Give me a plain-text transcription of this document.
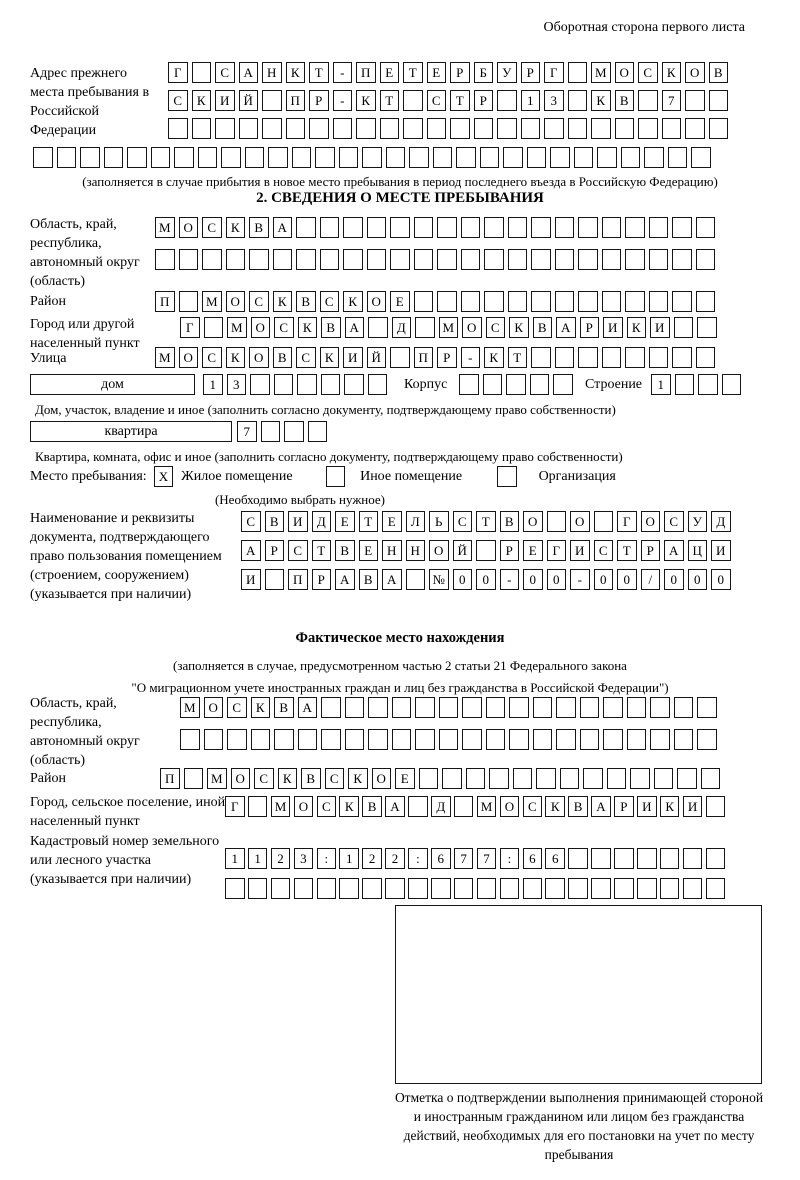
Оборотная сторона первого листа
Адрес прежнего места пребывания в Российской Федерации
Г	С	А	Н	К	Т	-	П	Е	Т	Е	Р	Б	У	Р	Г	М	О	С	К	О	В
С	К	И	Й	П	Р	-	К	Т	С	Т	Р	1	3	К	В	7
(заполняется в случае прибытия в новое место пребывания в период последнего въезда в Российскую Федерацию)
2. СВЕДЕНИЯ О МЕСТЕ ПРЕБЫВАНИЯ
Область, край, республика, автономный округ (область)
М	О	С	К	В	А
Район	П	М	О	С	К	В	С	К	О	Е
Город или другой населенный пункт
Г	М	О	С	К	В	А	Д	М	О	С	К	В	А	Р	И	К	И
Улица	М	О	С	К	О	В	С	К	И	Й	П	Р	-	К	Т
дом	1	3	Корпус	Строение	1
Дом, участок, владение и иное (заполнить согласно документу, подтверждающему право собственности)
квартира	7
Квартира, комната, офис и иное (заполнить согласно документу, подтверждающему право собственности)
Место пребывания: X Жилое помещение	Иное помещение	Организация
(Необходимо выбрать нужное)
Наименование и реквизиты документа, подтверждающего право пользования помещением (строением, сооружением) (указывается при наличии)
С	В	И	Д	Е	Т	Е	Л	Ь	С	Т	В	О	О	Г	О	С	У	Д
А	Р	С	Т	В	Е	Н	Н	О	Й	Р	Е	Г	И	С	Т	Р	А	Ц	И
И	П	Р	А	В	А	№	0	0	-	0	0	-	0	0	/	0	0	0
Фактическое место нахождения
(заполняется в случае, предусмотренном частью 2 статьи 21 Федерального закона
"О миграционном учете иностранных граждан и лиц без гражданства в Российской Федерации")
Область, край, республика, автономный округ (область)
М	О	С	К	В	А
Район	П	М	О	С	К	В	С	К	О	Е
Город, сельское поселение, иной населенный пункт
Г	М О	С	К	В	А	Д	М О	С	К	В	А	Р	И	К	И
Кадастровый номер земельного или лесного участка (указывается при наличии)
1	1	2	3	:	1	2	2	:	6	7	7	:	6	6
Отметка о подтверждении выполнения принимающей стороной и иностранным гражданином или лицом без гражданства действий, необходимых для его постановки на учет по месту пребывания
